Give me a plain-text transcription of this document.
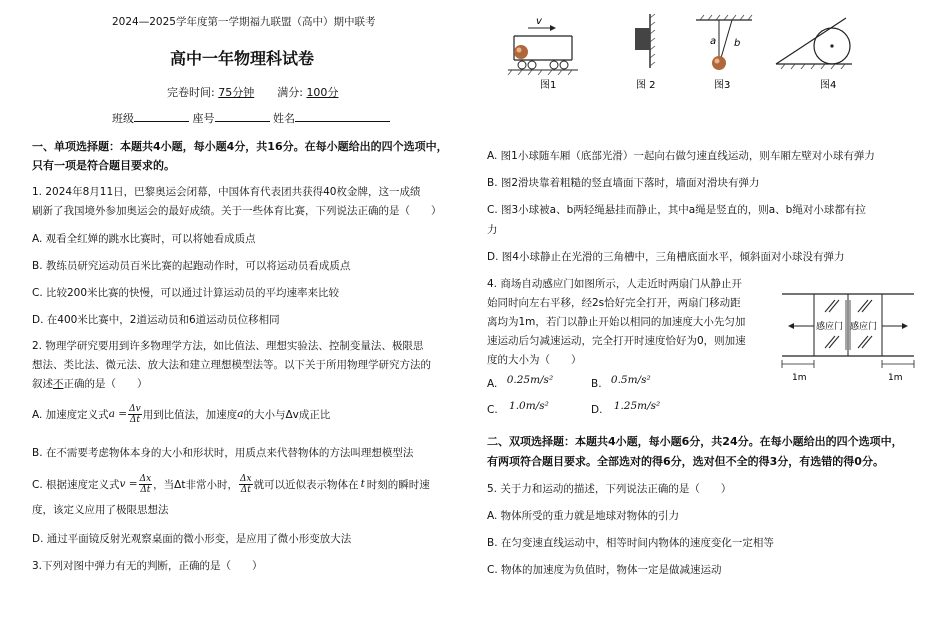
2024—2025学年度第一学期福九联盟（高中）期中联考
高中一年物理科试卷
完卷时间: 75分钟 满分: 100分
班级	座号	姓名
一、单项选择题：本题共4小题，每小题4分，共16分。在每小题给出的四个选项中，
只有一项是符合题目要求的。
1. 2024年8月11日，巴黎奥运会闭幕，中国体育代表团共获得40枚金牌，这一成绩
刷新了我国境外参加奥运会的最好成绩。关于一些体育比赛，下列说法正确的是（　　）
A. 观看全红婵的跳水比赛时，可以将她看成质点
B. 教练员研究运动员百米比赛的起跑动作时，可以将运动员看成质点
C. 比较200米比赛的快慢，可以通过计算运动员的平均速率来比较
D. 在400米比赛中，2道运动员和6道运动员位移相同
2. 物理学研究要用到许多物理学方法，如比值法、理想实验法、控制变量法、极限思
想法、类比法、微元法、放大法和建立理想模型法等。以下关于所用物理学研究方法的
叙述不正确的是（　　）
A. 加速度定义式 $a = \frac{\Delta v}{\Delta t}$ 用到比值法，加速度 a 的大小与Δv成正比
B. 在不需要考虑物体本身的大小和形状时，用质点来代替物体的方法叫理想模型法
C. 根据速度定义式 $v = \frac{\Delta x}{\Delta t}$ ，当Δt非常小时， $\frac{\Delta x}{\Delta t}$ 就可以近似表示物体在 t 时刻的瞬时速
度，该定义应用了极限思想法
D. 通过平面镜反射光观察桌面的微小形变，是应用了微小形变放大法
3.下列对图中弹力有无的判断，正确的是（　　）
v
图1	图 2
a b
图3	图4
A. 图1小球随车厢（底部光滑）一起向右做匀速直线运动，则车厢左壁对小球有弹力
B. 图2滑块靠着粗糙的竖直墙面下落时，墙面对滑块有弹力
C. 图3小球被a、b两轻绳悬挂而静止，其中a绳是竖直的，则a、b绳对小球都有拉
力
D. 图4小球静止在光滑的三角槽中，三角槽底面水平，倾斜面对小球没有弹力
4. 商场自动感应门如图所示，人走近时两扇门从静止开
始同时向左右平移，经2s恰好完全打开，两扇门移动距
离均为1m，若门以静止开始以相同的加速度大小先匀加
速运动后匀减速运动，完全打开时速度恰好为0，则加速
度的大小为（　　）
A. 0.25m/s²	B. 0.5m/s²
C. 1.0m/s²	D. 1.25m/s²
感应门 感应门
1m	1m
二、双项选择题：本题共4小题，每小题6分，共24分。在每小题给出的四个选项中，
有两项符合题目要求。全部选对的得6分，选对但不全的得3分，有选错的得0分。
5. 关于力和运动的描述，下列说法正确的是（　　）
A. 物体所受的重力就是地球对物体的引力
B. 在匀变速直线运动中，相等时间内物体的速度变化一定相等
C. 物体的加速度为负值时，物体一定是做减速运动
